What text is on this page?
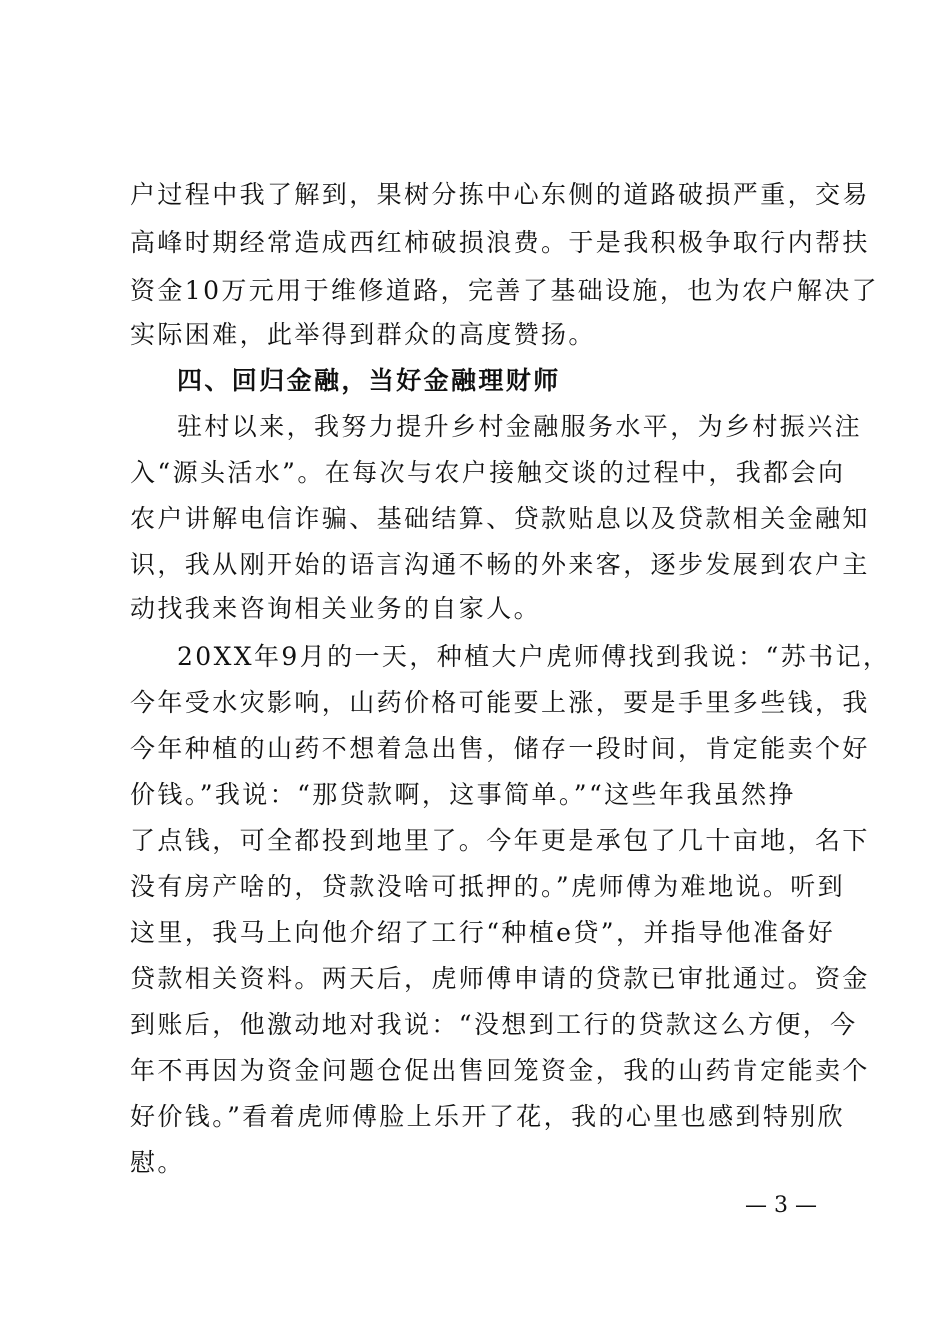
户过程中我了解到，果树分拣中心东侧的道路破损严重，交易
高峰时期经常造成西红柿破损浪费。于是我积极争取行内帮扶
资金10万元用于维修道路，完善了基础设施，也为农户解决了
实际困难，此举得到群众的高度赞扬。
四、回归金融，当好金融理财师
驻村以来，我努力提升乡村金融服务水平，为乡村振兴注
入“源头活水”。在每次与农户接触交谈的过程中，我都会向
农户讲解电信诈骗、基础结算、贷款贴息以及贷款相关金融知
识，我从刚开始的语言沟通不畅的外来客，逐步发展到农户主
动找我来咨询相关业务的自家人。
20XX年9月的一天，种植大户虎师傅找到我说：“苏书记，
今年受水灾影响，山药价格可能要上涨，要是手里多些钱，我
今年种植的山药不想着急出售，储存一段时间，肯定能卖个好
价钱。”我说：“那贷款啊，这事简单。”“这些年我虽然挣
了点钱，可全都投到地里了。今年更是承包了几十亩地，名下
没有房产啥的，贷款没啥可抵押的。”虎师傅为难地说。听到
这里，我马上向他介绍了工行“种植e贷”，并指导他准备好
贷款相关资料。两天后，虎师傅申请的贷款已审批通过。资金
到账后，他激动地对我说：“没想到工行的贷款这么方便，今
年不再因为资金问题仓促出售回笼资金，我的山药肯定能卖个
好价钱。”看着虎师傅脸上乐开了花，我的心里也感到特别欣
慰。
— 3 —
